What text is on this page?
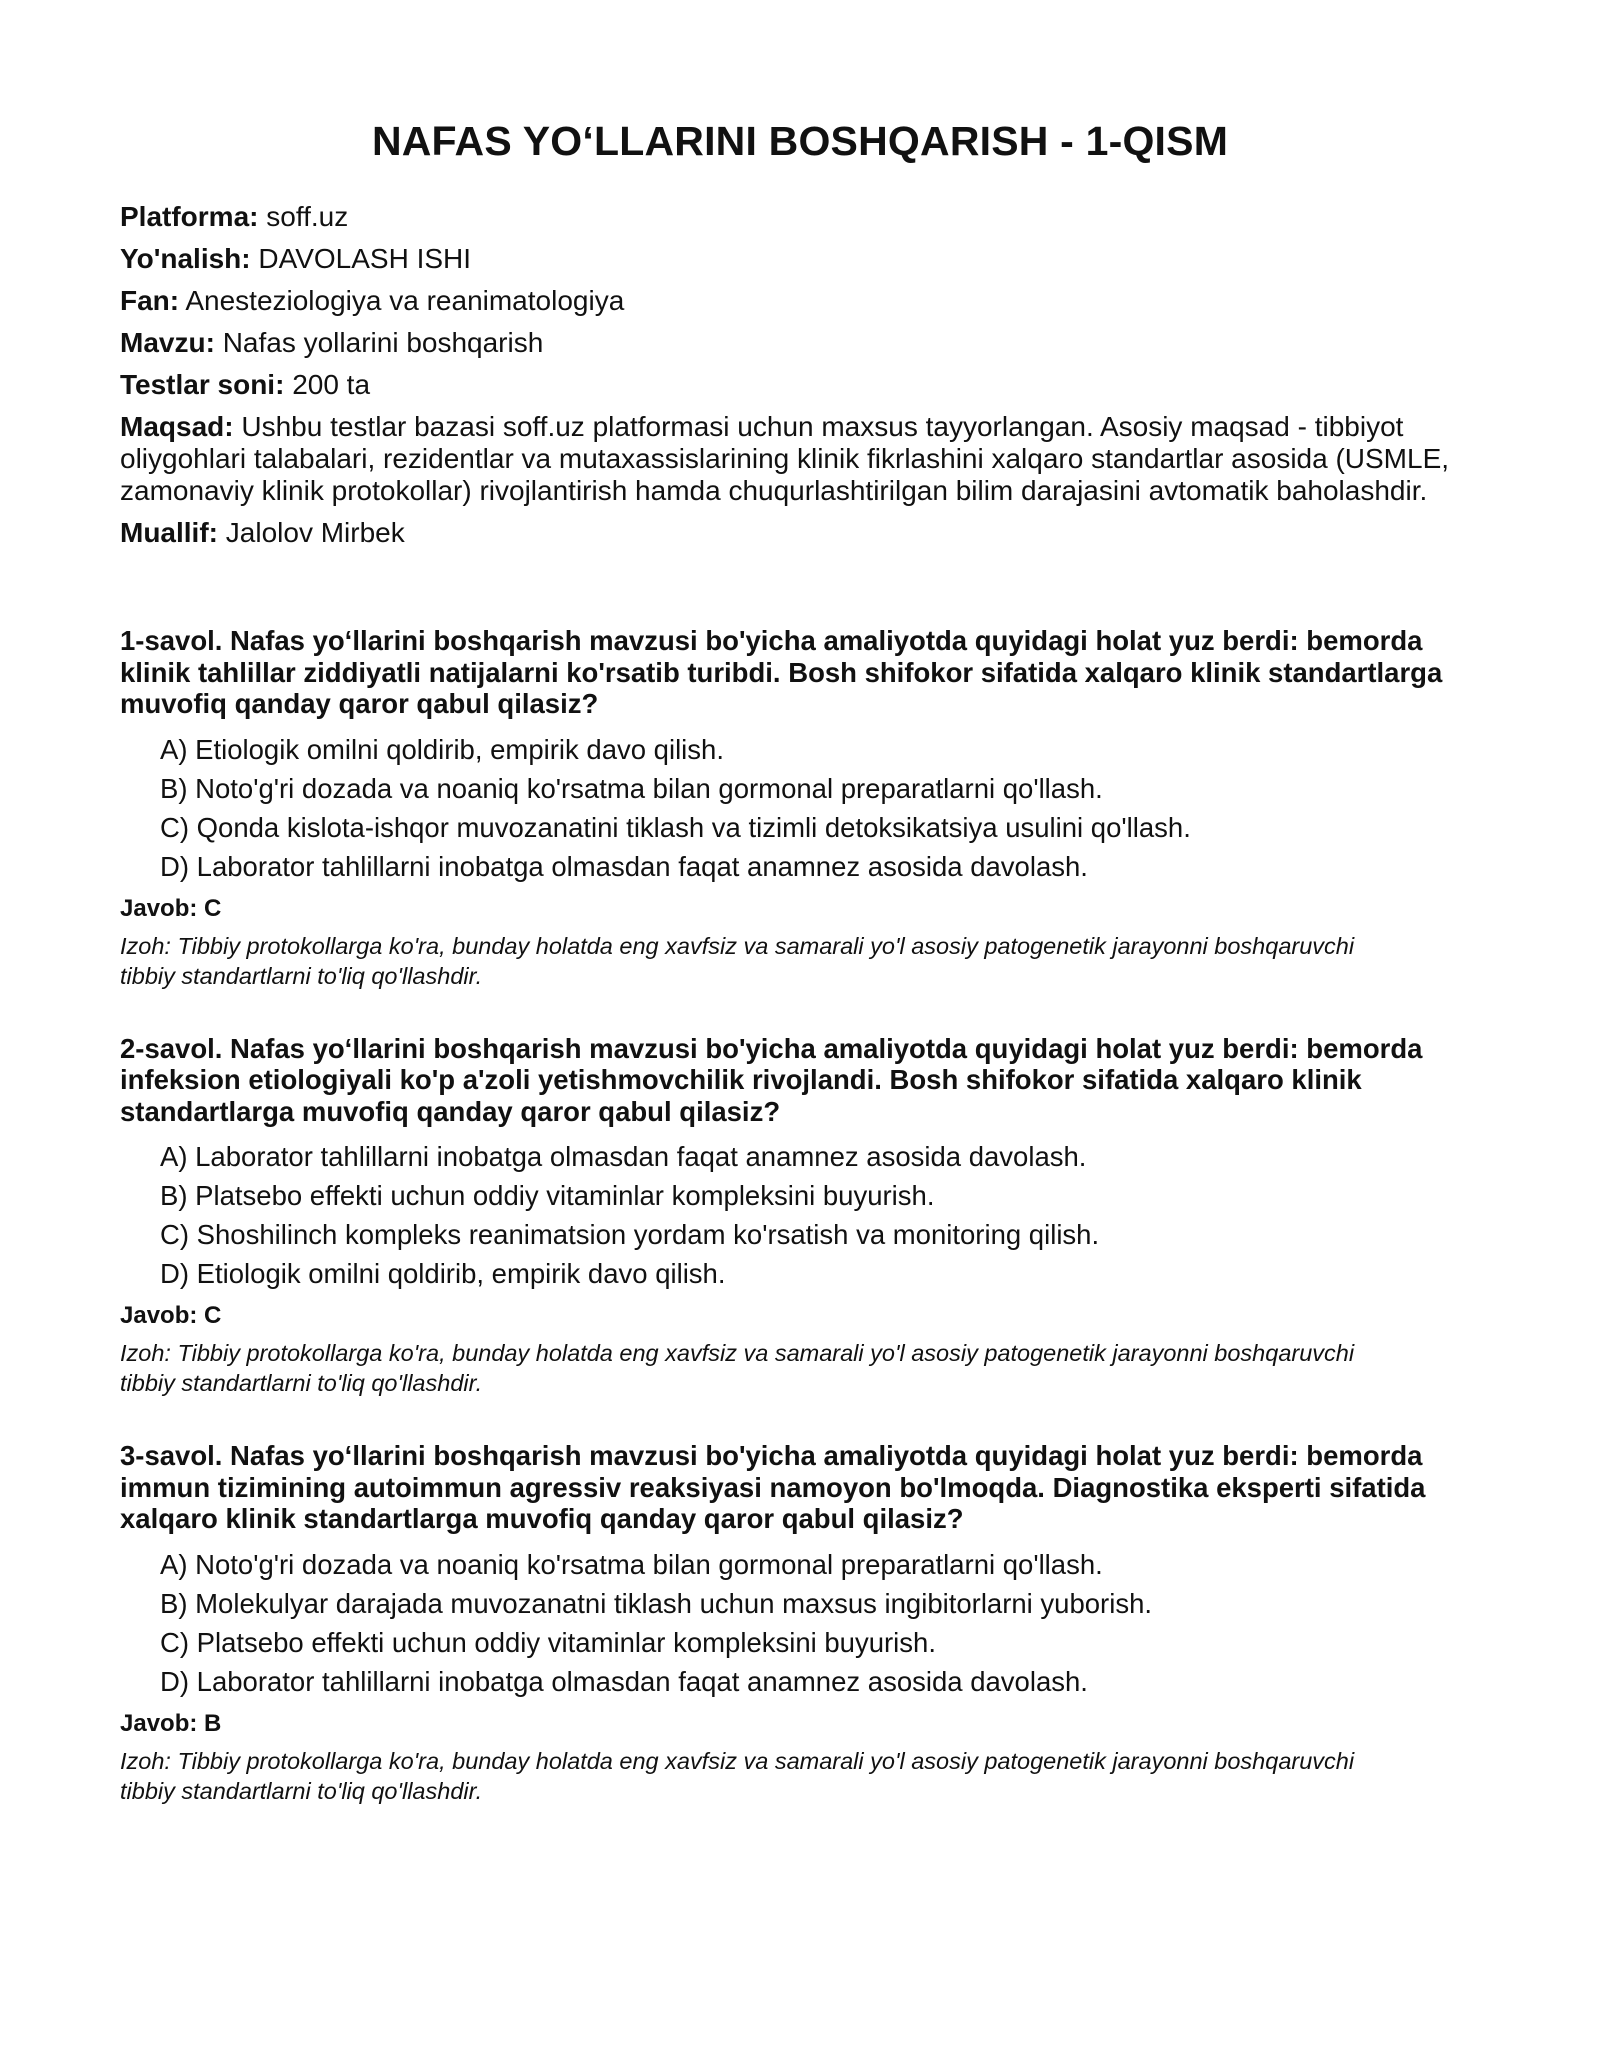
NAFAS YO‘LLARINI BOSHQARISH - 1-QISM

Platforma: soff.uz

Yo'nalish: DAVOLASH ISHI

Fan: Anesteziologiya va reanimatologiya

Mavzu: Nafas yollarini boshqarish

Testlar soni: 200 ta

Maqsad: Ushbu testlar bazasi soff.uz platformasi uchun maxsus tayyorlangan. Asosiy maqsad - tibbiyot oliygohlari talabalari, rezidentlar va mutaxassislarining klinik fikrlashini xalqaro standartlar asosida (USMLE, zamonaviy klinik protokollar) rivojlantirish hamda chuqurlashtirilgan bilim darajasini avtomatik baholashdir.

Muallif: Jalolov Mirbek

1-savol. Nafas yo‘llarini boshqarish mavzusi bo'yicha amaliyotda quyidagi holat yuz berdi: bemorda klinik tahlillar ziddiyatli natijalarni ko'rsatib turibdi. Bosh shifokor sifatida xalqaro klinik standartlarga muvofiq qanday qaror qabul qilasiz?

A) Etiologik omilni qoldirib, empirik davo qilish.
B) Noto'g'ri dozada va noaniq ko'rsatma bilan gormonal preparatlarni qo'llash.
C) Qonda kislota-ishqor muvozanatini tiklash va tizimli detoksikatsiya usulini qo'llash.
D) Laborator tahlillarni inobatga olmasdan faqat anamnez asosida davolash.

Javob: C

Izoh: Tibbiy protokollarga ko'ra, bunday holatda eng xavfsiz va samarali yo'l asosiy patogenetik jarayonni boshqaruvchi tibbiy standartlarni to'liq qo'llashdir.

2-savol. Nafas yo‘llarini boshqarish mavzusi bo'yicha amaliyotda quyidagi holat yuz berdi: bemorda infeksion etiologiyali ko'p a'zoli yetishmovchilik rivojlandi. Bosh shifokor sifatida xalqaro klinik standartlarga muvofiq qanday qaror qabul qilasiz?

A) Laborator tahlillarni inobatga olmasdan faqat anamnez asosida davolash.
B) Platsebo effekti uchun oddiy vitaminlar kompleksini buyurish.
C) Shoshilinch kompleks reanimatsion yordam ko'rsatish va monitoring qilish.
D) Etiologik omilni qoldirib, empirik davo qilish.

Javob: C

Izoh: Tibbiy protokollarga ko'ra, bunday holatda eng xavfsiz va samarali yo'l asosiy patogenetik jarayonni boshqaruvchi tibbiy standartlarni to'liq qo'llashdir.

3-savol. Nafas yo‘llarini boshqarish mavzusi bo'yicha amaliyotda quyidagi holat yuz berdi: bemorda immun tizimining autoimmun agressiv reaksiyasi namoyon bo'lmoqda. Diagnostika eksperti sifatida xalqaro klinik standartlarga muvofiq qanday qaror qabul qilasiz?

A) Noto'g'ri dozada va noaniq ko'rsatma bilan gormonal preparatlarni qo'llash.
B) Molekulyar darajada muvozanatni tiklash uchun maxsus ingibitorlarni yuborish.
C) Platsebo effekti uchun oddiy vitaminlar kompleksini buyurish.
D) Laborator tahlillarni inobatga olmasdan faqat anamnez asosida davolash.

Javob: B

Izoh: Tibbiy protokollarga ko'ra, bunday holatda eng xavfsiz va samarali yo'l asosiy patogenetik jarayonni boshqaruvchi tibbiy standartlarni to'liq qo'llashdir.
